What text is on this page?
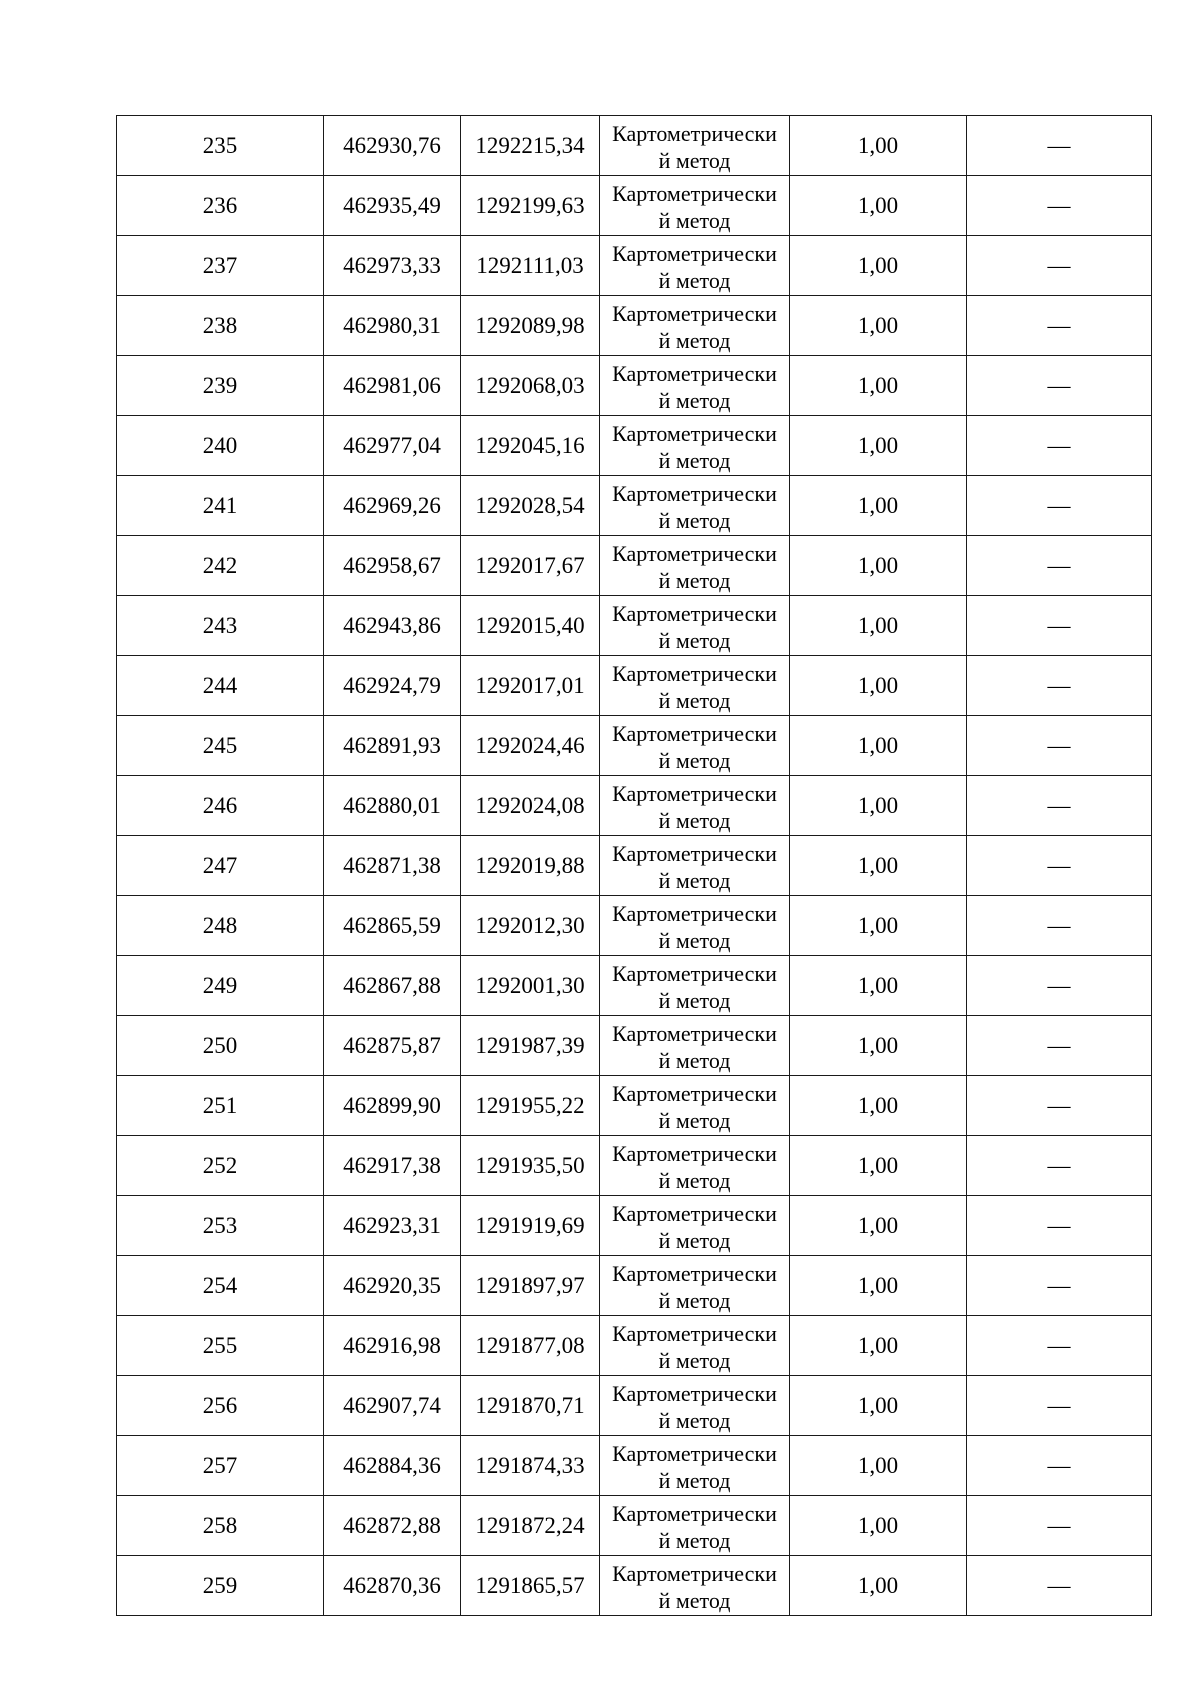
235	462930,76	1292215,34	Картометрически
й метод	1,00	—
236	462935,49	1292199,63	Картометрически
й метод	1,00	—
237	462973,33	1292111,03	Картометрически
й метод	1,00	—
238	462980,31	1292089,98	Картометрически
й метод	1,00	—
239	462981,06	1292068,03	Картометрически
й метод	1,00	—
240	462977,04	1292045,16	Картометрически
й метод	1,00	—
241	462969,26	1292028,54	Картометрически
й метод	1,00	—
242	462958,67	1292017,67	Картометрически
й метод	1,00	—
243	462943,86	1292015,40	Картометрически
й метод	1,00	—
244	462924,79	1292017,01	Картометрически
й метод	1,00	—
245	462891,93	1292024,46	Картометрически
й метод	1,00	—
246	462880,01	1292024,08	Картометрически
й метод	1,00	—
247	462871,38	1292019,88	Картометрически
й метод	1,00	—
248	462865,59	1292012,30	Картометрически
й метод	1,00	—
249	462867,88	1292001,30	Картометрически
й метод	1,00	—
250	462875,87	1291987,39	Картометрически
й метод	1,00	—
251	462899,90	1291955,22	Картометрически
й метод	1,00	—
252	462917,38	1291935,50	Картометрически
й метод	1,00	—
253	462923,31	1291919,69	Картометрически
й метод	1,00	—
254	462920,35	1291897,97	Картометрически
й метод	1,00	—
255	462916,98	1291877,08	Картометрически
й метод	1,00	—
256	462907,74	1291870,71	Картометрически
й метод	1,00	—
257	462884,36	1291874,33	Картометрически
й метод	1,00	—
258	462872,88	1291872,24	Картометрически
й метод	1,00	—
259	462870,36	1291865,57	Картометрически
й метод	1,00	—
